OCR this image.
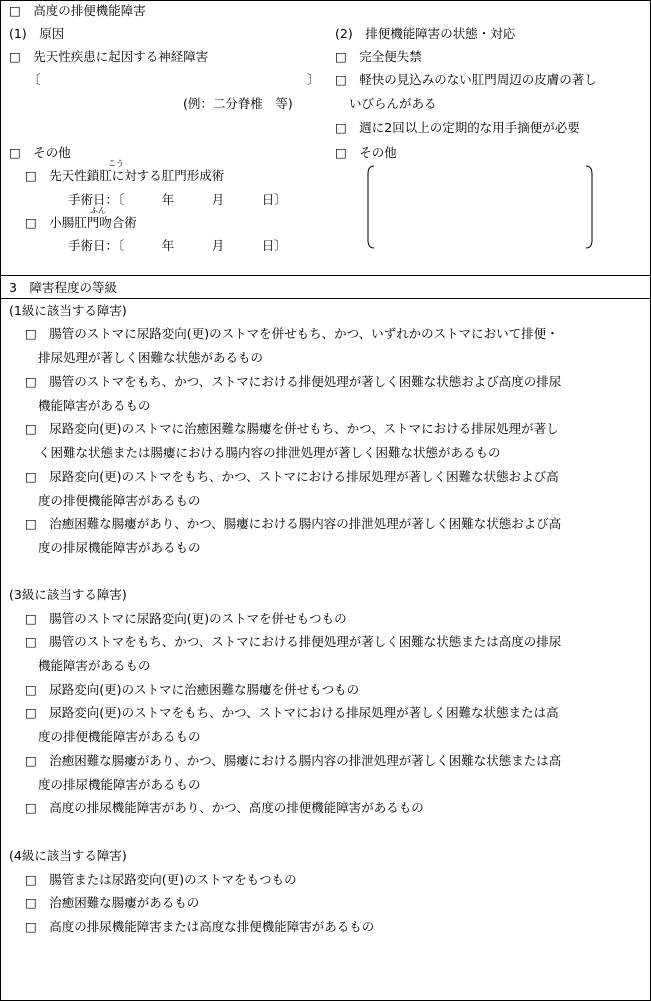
□　高度の排便機能障害
(1)　原因
□　先天性疾患に起因する神経障害
〔	〕
(例：二分脊椎　等)
□　その他
こう
□　先天性鎖肛に対する肛門形成術
手術日：〔　　　年　　　月　　　日〕
ふん
□　小腸肛門吻合術
手術日：〔　　　年　　　月　　　日〕
(2)　排便機能障害の状態・対応
□　完全便失禁
□　軽快の見込みのない肛門周辺の皮膚の著し
いびらんがある
□　週に2回以上の定期的な用手摘便が必要
□　その他
3　障害程度の等級
(1級に該当する障害)
□　腸管のストマに尿路変向(更)のストマを併せもち、かつ、いずれかのストマにおいて排便・
排尿処理が著しく困難な状態があるもの
□　腸管のストマをもち、かつ、ストマにおける排便処理が著しく困難な状態および高度の排尿
機能障害があるもの
□　尿路変向(更)のストマに治癒困難な腸瘻を併せもち、かつ、ストマにおける排尿処理が著し
く困難な状態または腸瘻における腸内容の排泄処理が著しく困難な状態があるもの
□　尿路変向(更)のストマをもち、かつ、ストマにおける排尿処理が著しく困難な状態および高
度の排便機能障害があるもの
□　治癒困難な腸瘻があり、かつ、腸瘻における腸内容の排泄処理が著しく困難な状態および高
度の排尿機能障害があるもの
(3級に該当する障害)
□　腸管のストマに尿路変向(更)のストマを併せもつもの
□　腸管のストマをもち、かつ、ストマにおける排便処理が著しく困難な状態または高度の排尿
機能障害があるもの
□　尿路変向(更)のストマに治癒困難な腸瘻を併せもつもの
□　尿路変向(更)のストマをもち、かつ、ストマにおける排尿処理が著しく困難な状態または高
度の排便機能障害があるもの
□　治癒困難な腸瘻があり、かつ、腸瘻における腸内容の排泄処理が著しく困難な状態または高
度の排尿機能障害があるもの
□　高度の排尿機能障害があり、かつ、高度の排便機能障害があるもの
(4級に該当する障害)
□　腸管または尿路変向(更)のストマをもつもの
□　治癒困難な腸瘻があるもの
□　高度の排尿機能障害または高度な排便機能障害があるもの
